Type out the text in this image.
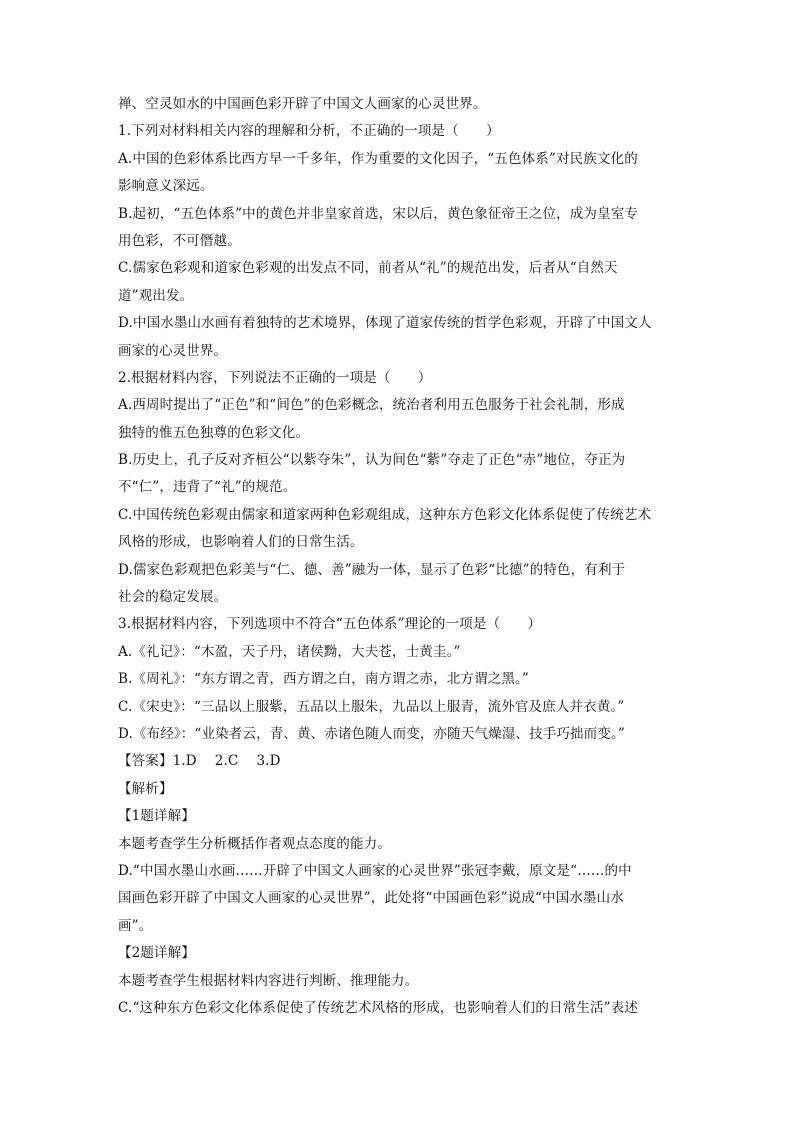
禅、空灵如水的中国画色彩开辟了中国文人画家的心灵世界。
1.下列对材料相关内容的理解和分析，不正确的一项是（　　）
A.中国的色彩体系比西方早一千多年，作为重要的文化因子，“五色体系”对民族文化的
影响意义深远。
B.起初，“五色体系”中的黄色并非皇家首选，宋以后，黄色象征帝王之位，成为皇室专
用色彩，不可僭越。
C.儒家色彩观和道家色彩观的出发点不同，前者从“礼”的规范出发，后者从“自然天
道”观出发。
D.中国水墨山水画有着独特的艺术境界，体现了道家传统的哲学色彩观，开辟了中国文人
画家的心灵世界。
2.根据材料内容，下列说法不正确的一项是（　　）
A.西周时提出了“正色”和“间色”的色彩概念，统治者利用五色服务于社会礼制，形成
独特的惟五色独尊的色彩文化。
B.历史上，孔子反对齐桓公“以紫夺朱”，认为间色“紫”夺走了正色“赤”地位，夺正为
不“仁”，违背了“礼”的规范。
C.中国传统色彩观由儒家和道家两种色彩观组成，这种东方色彩文化体系促使了传统艺术
风格的形成，也影响着人们的日常生活。
D.儒家色彩观把色彩美与“仁、德、善”融为一体，显示了色彩“比德”的特色，有利于
社会的稳定发展。
3.根据材料内容，下列选项中不符合“五色体系”理论的一项是（　　）
A.《礼记》：“木盈，天子丹，诸侯黝，大夫苍，士黄圭。”
B.《周礼》：“东方谓之青，西方谓之白，南方谓之赤，北方谓之黑。”
C.《宋史》：“三品以上服紫，五品以上服朱，九品以上服青，流外官及庶人并衣黄。”
D.《布经》：“业染者云，青、黄、赤诸色随人而变，亦随天气燥湿、技手巧拙而变。”
【答案】1.D 2.C 3.D
【解析】
【1题详解】
本题考查学生分析概括作者观点态度的能力。
D.“中国水墨山水画……开辟了中国文人画家的心灵世界”张冠李戴，原文是“……的中
国画色彩开辟了中国文人画家的心灵世界”，此处将“中国画色彩”说成“中国水墨山水
画”。
【2题详解】
本题考查学生根据材料内容进行判断、推理能力。
C.“这种东方色彩文化体系促使了传统艺术风格的形成，也影响着人们的日常生活”表述
